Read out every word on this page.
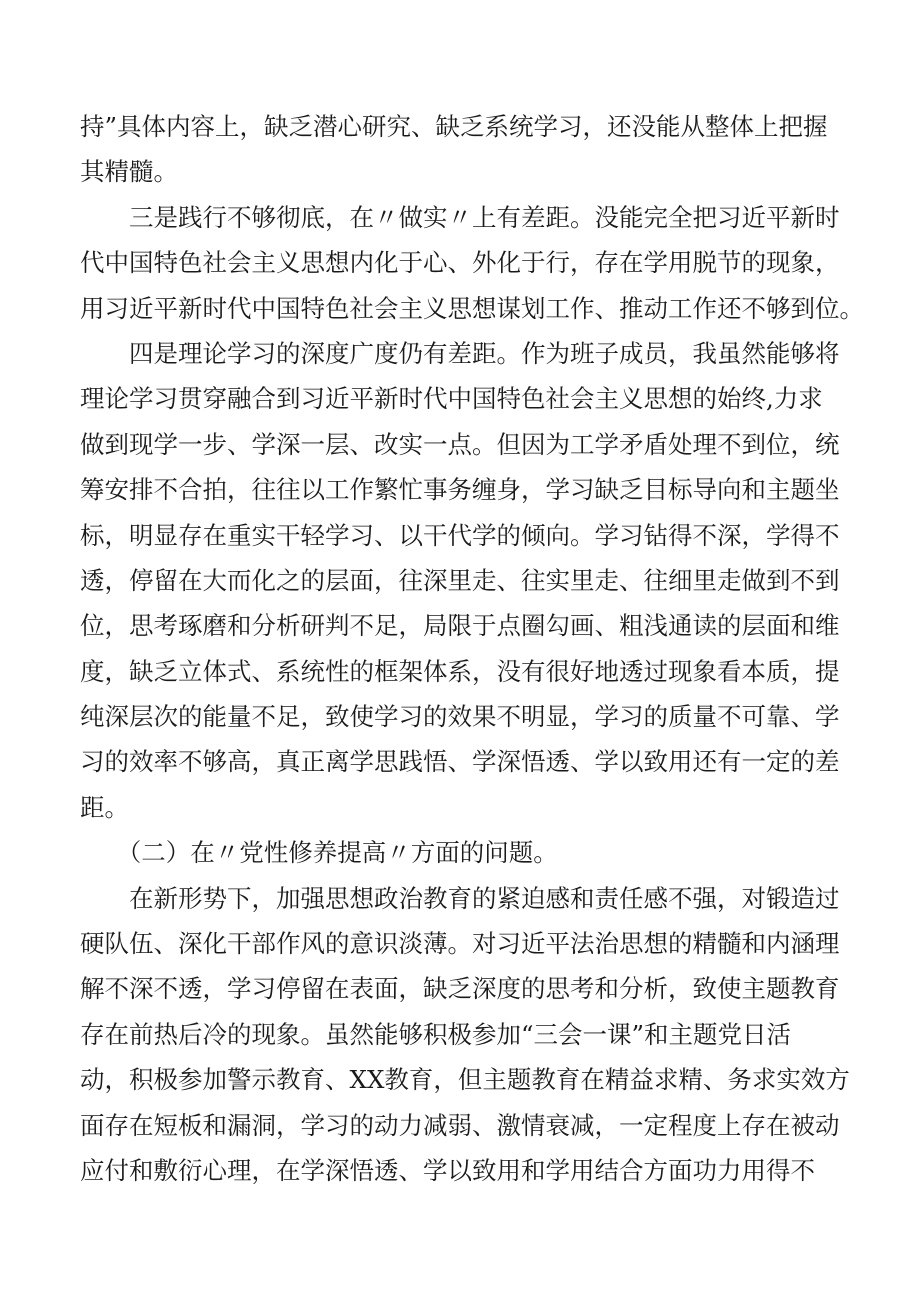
持”具体内容上，缺乏潜心研究、缺乏系统学习，还没能从整体上把握
其精髓。
　　三是践行不够彻底，在〃做实〃上有差距。没能完全把习近平新时
代中国特色社会主义思想内化于心、外化于行，存在学用脱节的现象，
用习近平新时代中国特色社会主义思想谋划工作、推动工作还不够到位。
　　四是理论学习的深度广度仍有差距。作为班子成员，我虽然能够将
理论学习贯穿融合到习近平新时代中国特色社会主义思想的始终,力求
做到现学一步、学深一层、改实一点。但因为工学矛盾处理不到位，统
筹安排不合拍，往往以工作繁忙事务缠身，学习缺乏目标导向和主题坐
标，明显存在重实干轻学习、以干代学的倾向。学习钻得不深，学得不
透，停留在大而化之的层面，往深里走、往实里走、往细里走做到不到
位，思考琢磨和分析研判不足，局限于点圈勾画、粗浅通读的层面和维
度，缺乏立体式、系统性的框架体系，没有很好地透过现象看本质，提
纯深层次的能量不足，致使学习的效果不明显，学习的质量不可靠、学
习的效率不够高，真正离学思践悟、学深悟透、学以致用还有一定的差
距。
　　（二）在〃党性修养提高〃方面的问题。
　　在新形势下，加强思想政治教育的紧迫感和责任感不强，对锻造过
硬队伍、深化干部作风的意识淡薄。对习近平法治思想的精髓和内涵理
解不深不透，学习停留在表面，缺乏深度的思考和分析，致使主题教育
存在前热后冷的现象。虽然能够积极参加“三会一课”和主题党日活
动，积极参加警示教育、XX教育，但主题教育在精益求精、务求实效方
面存在短板和漏洞，学习的动力减弱、激情衰减，一定程度上存在被动
应付和敷衍心理，在学深悟透、学以致用和学用结合方面功力用得不
